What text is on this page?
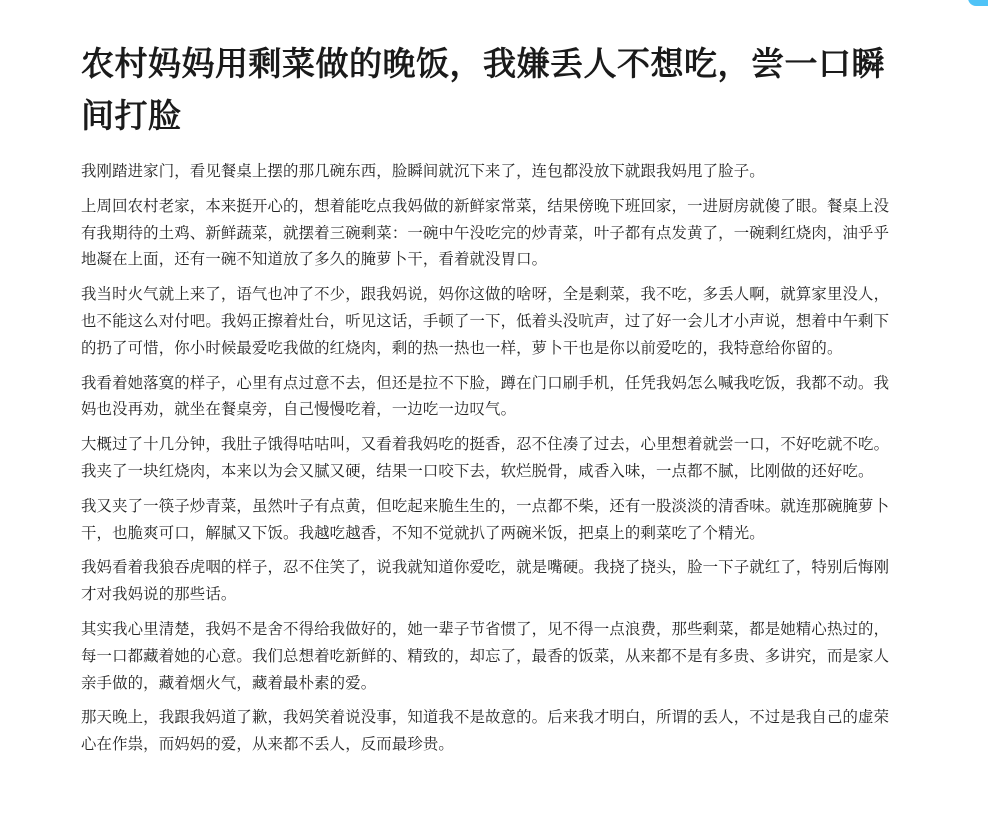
农村妈妈用剩菜做的晚饭，我嫌丢人不想吃，尝一口瞬间打脸

我刚踏进家门，看见餐桌上摆的那几碗东西，脸瞬间就沉下来了，连包都没放下就跟我妈甩了脸子。

上周回农村老家，本来挺开心的，想着能吃点我妈做的新鲜家常菜，结果傍晚下班回家，一进厨房就傻了眼。餐桌上没有我期待的土鸡、新鲜蔬菜，就摆着三碗剩菜：一碗中午没吃完的炒青菜，叶子都有点发黄了，一碗剩红烧肉，油乎乎地凝在上面，还有一碗不知道放了多久的腌萝卜干，看着就没胃口。

我当时火气就上来了，语气也冲了不少，跟我妈说，妈你这做的啥呀，全是剩菜，我不吃，多丢人啊，就算家里没人，也不能这么对付吧。我妈正擦着灶台，听见这话，手顿了一下，低着头没吭声，过了好一会儿才小声说，想着中午剩下的扔了可惜，你小时候最爱吃我做的红烧肉，剩的热一热也一样，萝卜干也是你以前爱吃的，我特意给你留的。

我看着她落寞的样子，心里有点过意不去，但还是拉不下脸，蹲在门口刷手机，任凭我妈怎么喊我吃饭，我都不动。我妈也没再劝，就坐在餐桌旁，自己慢慢吃着，一边吃一边叹气。

大概过了十几分钟，我肚子饿得咕咕叫，又看着我妈吃的挺香，忍不住凑了过去，心里想着就尝一口，不好吃就不吃。我夹了一块红烧肉，本来以为会又腻又硬，结果一口咬下去，软烂脱骨，咸香入味，一点都不腻，比刚做的还好吃。

我又夹了一筷子炒青菜，虽然叶子有点黄，但吃起来脆生生的，一点都不柴，还有一股淡淡的清香味。就连那碗腌萝卜干，也脆爽可口，解腻又下饭。我越吃越香，不知不觉就扒了两碗米饭，把桌上的剩菜吃了个精光。

我妈看着我狼吞虎咽的样子，忍不住笑了，说我就知道你爱吃，就是嘴硬。我挠了挠头，脸一下子就红了，特别后悔刚才对我妈说的那些话。

其实我心里清楚，我妈不是舍不得给我做好的，她一辈子节省惯了，见不得一点浪费，那些剩菜，都是她精心热过的，每一口都藏着她的心意。我们总想着吃新鲜的、精致的，却忘了，最香的饭菜，从来都不是有多贵、多讲究，而是家人亲手做的，藏着烟火气，藏着最朴素的爱。

那天晚上，我跟我妈道了歉，我妈笑着说没事，知道我不是故意的。后来我才明白，所谓的丢人，不过是我自己的虚荣心在作祟，而妈妈的爱，从来都不丢人，反而最珍贵。
